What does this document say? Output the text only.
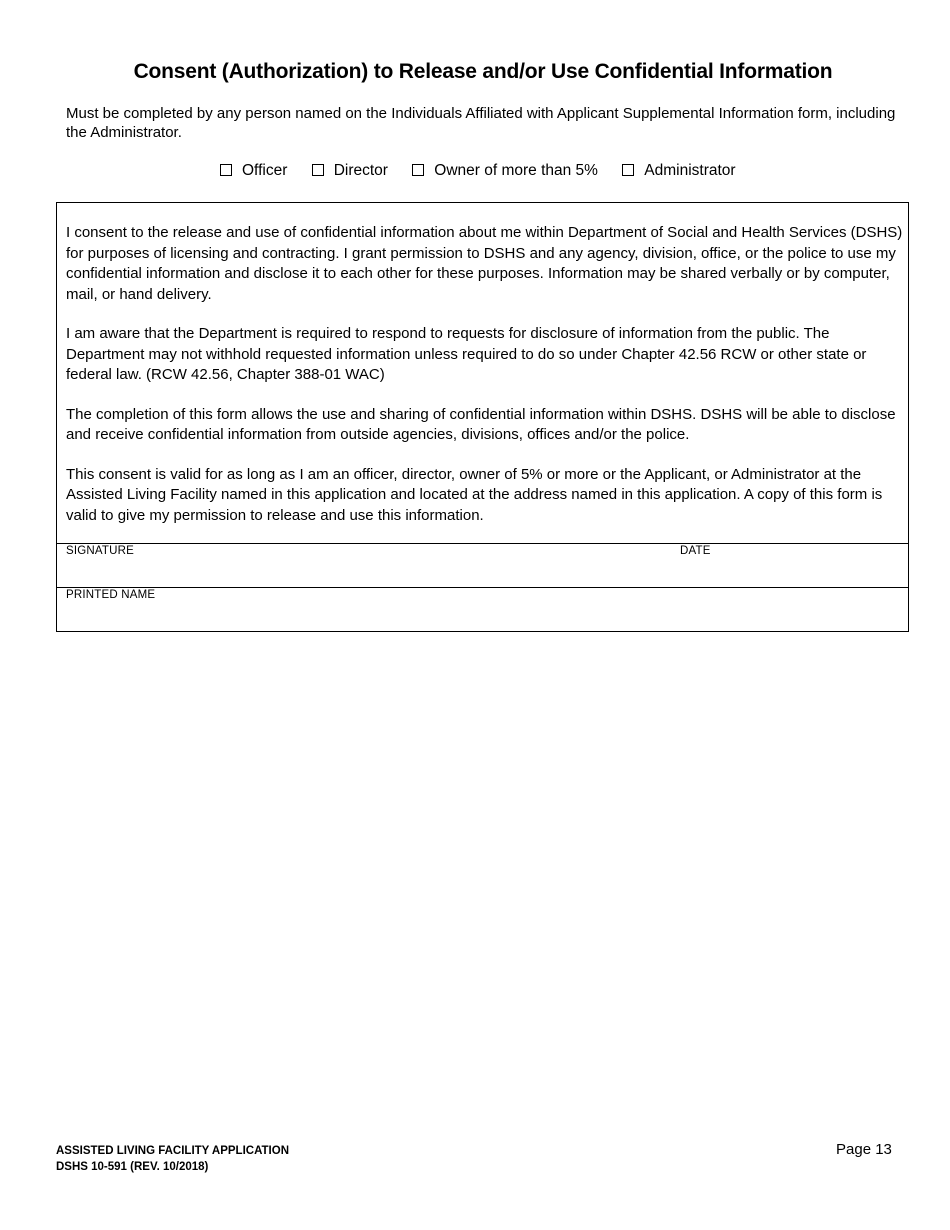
Consent (Authorization) to Release and/or Use Confidential Information
Must be completed by any person named on the Individuals Affiliated with Applicant Supplemental Information form, including the Administrator.
Officer	Director	Owner of more than 5%	Administrator

I consent to the release and use of confidential information about me within Department of Social and Health Services (DSHS) for purposes of licensing and contracting. I grant permission to DSHS and any agency, division, office, or the police to use my confidential information and disclose it to each other for these purposes. Information may be shared verbally or by computer, mail, or hand delivery.

I am aware that the Department is required to respond to requests for disclosure of information from the public. The Department may not withhold requested information unless required to do so under Chapter 42.56 RCW or other state or federal law. (RCW 42.56, Chapter 388-01 WAC)

The completion of this form allows the use and sharing of confidential information within DSHS. DSHS will be able to disclose and receive confidential information from outside agencies, divisions, offices and/or the police.

This consent is valid for as long as I am an officer, director, owner of 5% or more or the Applicant, or Administrator at the Assisted Living Facility named in this application and located at the address named in this application. A copy of this form is valid to give my permission to release and use this information.

SIGNATURE	DATE
PRINTED NAME
ASSISTED LIVING FACILITY APPLICATION
DSHS 10-591 (REV. 10/2018)
Page 13
